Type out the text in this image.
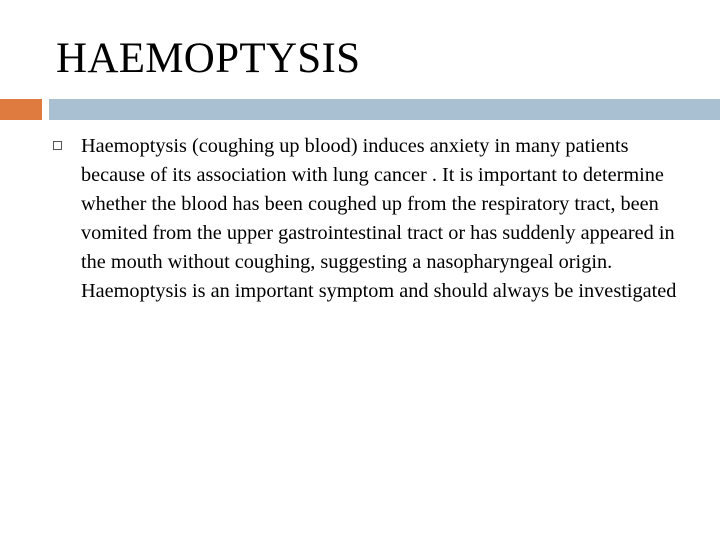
HAEMOPTYSIS

Haemoptysis (coughing up blood) induces anxiety in many patients because of its association with lung cancer . It is important to determine whether the blood has been coughed up from the respiratory tract, been vomited from the upper gastrointestinal tract or has suddenly appeared in the mouth without coughing, suggesting a nasopharyngeal origin. Haemoptysis is an important symptom and should always be investigated
